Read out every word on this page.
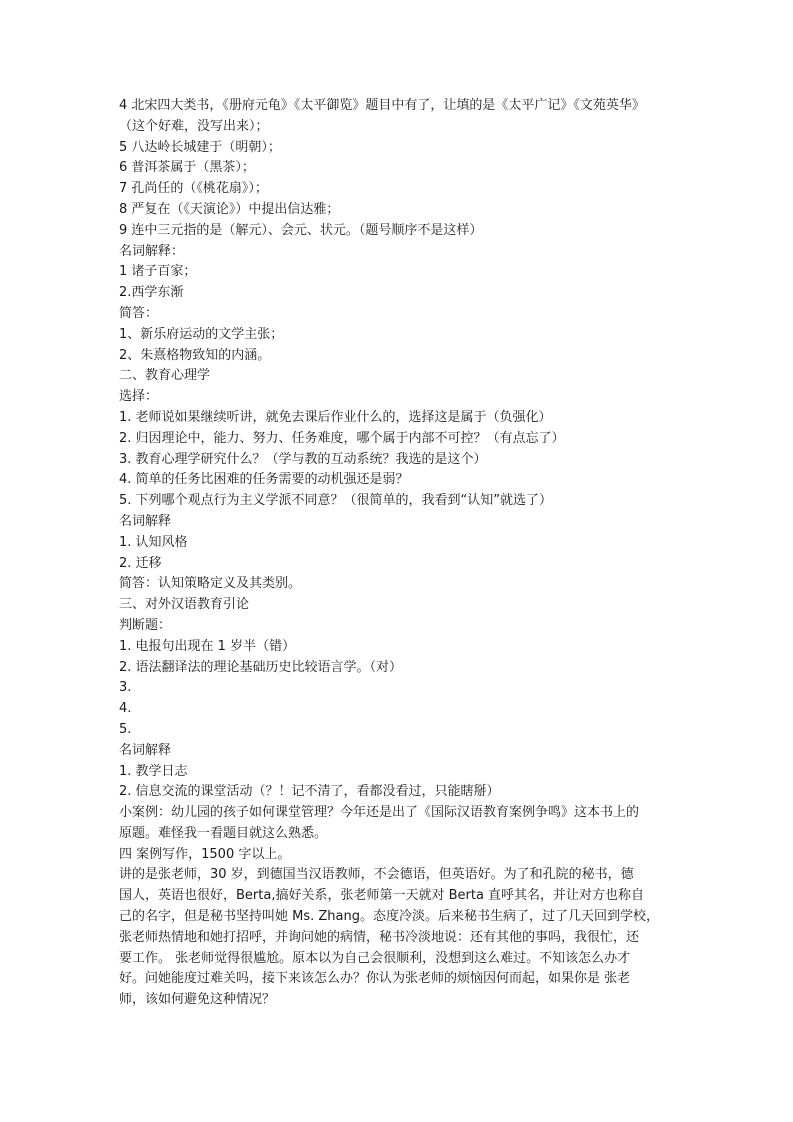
4 北宋四大类书，《册府元龟》《太平御览》题目中有了，让填的是《太平广记》《文苑英华》

（这个好难，没写出来）；

5 八达岭长城建于（明朝）；

6 普洱茶属于（黑茶）；

7 孔尚任的（《桃花扇》）；

8 严复在（《天演论》）中提出信达雅；

9 连中三元指的是（解元）、会元、状元。（题号顺序不是这样）

名词解释：

1 诸子百家；

2.西学东渐

简答：

1、新乐府运动的文学主张；

2、朱熹格物致知的内涵。

二、教育心理学

选择：

1. 老师说如果继续听讲，就免去课后作业什么的，选择这是属于（负强化）

2. 归因理论中，能力、努力、任务难度，哪个属于内部不可控？（有点忘了）

3. 教育心理学研究什么？（学与教的互动系统？我选的是这个）

4. 简单的任务比困难的任务需要的动机强还是弱？

5. 下列哪个观点行为主义学派不同意？（很简单的，我看到“认知”就选了）

名词解释

1. 认知风格

2. 迁移

简答：认知策略定义及其类别。

三、对外汉语教育引论

判断题：

1. 电报句出现在 1 岁半（错）

2. 语法翻译法的理论基础历史比较语言学。（对）

3.

4.

5.

名词解释

1. 教学日志

2. 信息交流的课堂活动（？！记不清了，看都没看过，只能瞎掰）

小案例：幼儿园的孩子如何课堂管理？今年还是出了《国际汉语教育案例争鸣》这本书上的

原题。难怪我一看题目就这么熟悉。

四 案例写作，1500 字以上。

讲的是张老师，30 岁，到德国当汉语教师，不会德语，但英语好。为了和孔院的秘书，德
国人，英语也很好，Berta,搞好关系，张老师第一天就对 Berta 直呼其名，并让对方也称自
己的名字，但是秘书坚持叫她 Ms. Zhang。态度冷淡。后来秘书生病了，过了几天回到学校，
张老师热情地和她打招呼，并询问她的病情，秘书冷淡地说：还有其他的事吗，我很忙，还
要工作。 张老师觉得很尴尬。原本以为自己会很顺利，没想到这么难过。不知该怎么办才
好。问她能度过难关吗，接下来该怎么办？你认为张老师的烦恼因何而起，如果你是 张老
师，该如何避免这种情况？
